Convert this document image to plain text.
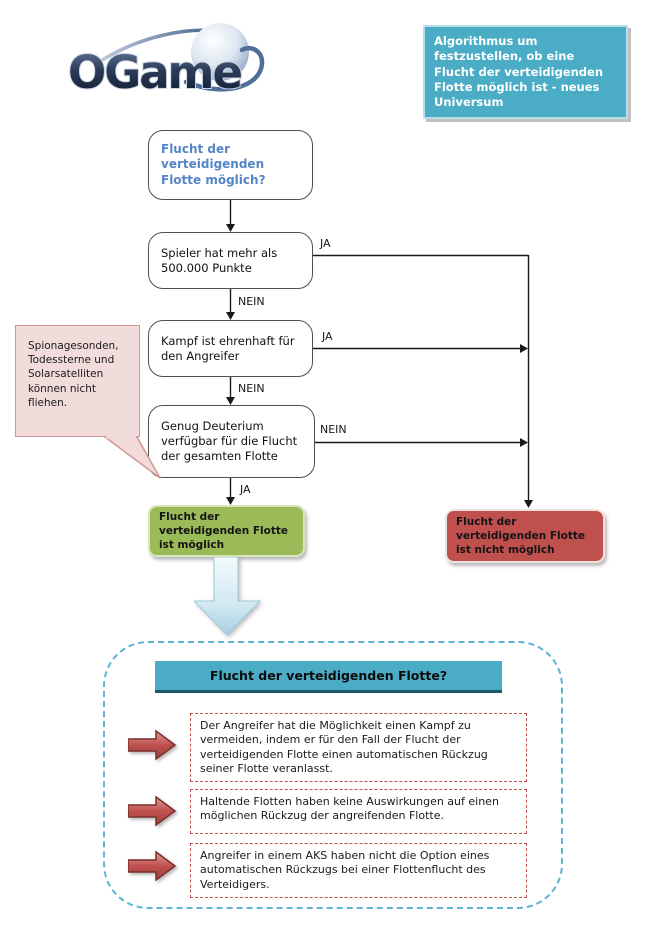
OGame
Algorithmus um festzustellen, ob eine Flucht der verteidigenden Flotte möglich ist - neues Universum
Flucht der verteidigenden Flotte möglich?
Spieler hat mehr als 500.000 Punkte
Kampf ist ehrenhaft für den Angreifer
Genug Deuterium verfügbar für die Flucht der gesamten Flotte
JA
NEIN
JA
NEIN
NEIN
JA
Flucht der verteidigenden Flotte ist möglich
Flucht der verteidigenden Flotte ist nicht möglich
Spionagesonden, Todessterne und Solarsatelliten können nicht fliehen.
Flucht der verteidigenden Flotte?
Der Angreifer hat die Möglichkeit einen Kampf zu vermeiden, indem er für den Fall der Flucht der verteidigenden Flotte einen automatischen Rückzug seiner Flotte veranlasst.
Haltende Flotten haben keine Auswirkungen auf einen möglichen Rückzug der angreifenden Flotte.
Angreifer in einem AKS haben nicht die Option eines automatischen Rückzugs bei einer Flottenflucht des Verteidigers.
